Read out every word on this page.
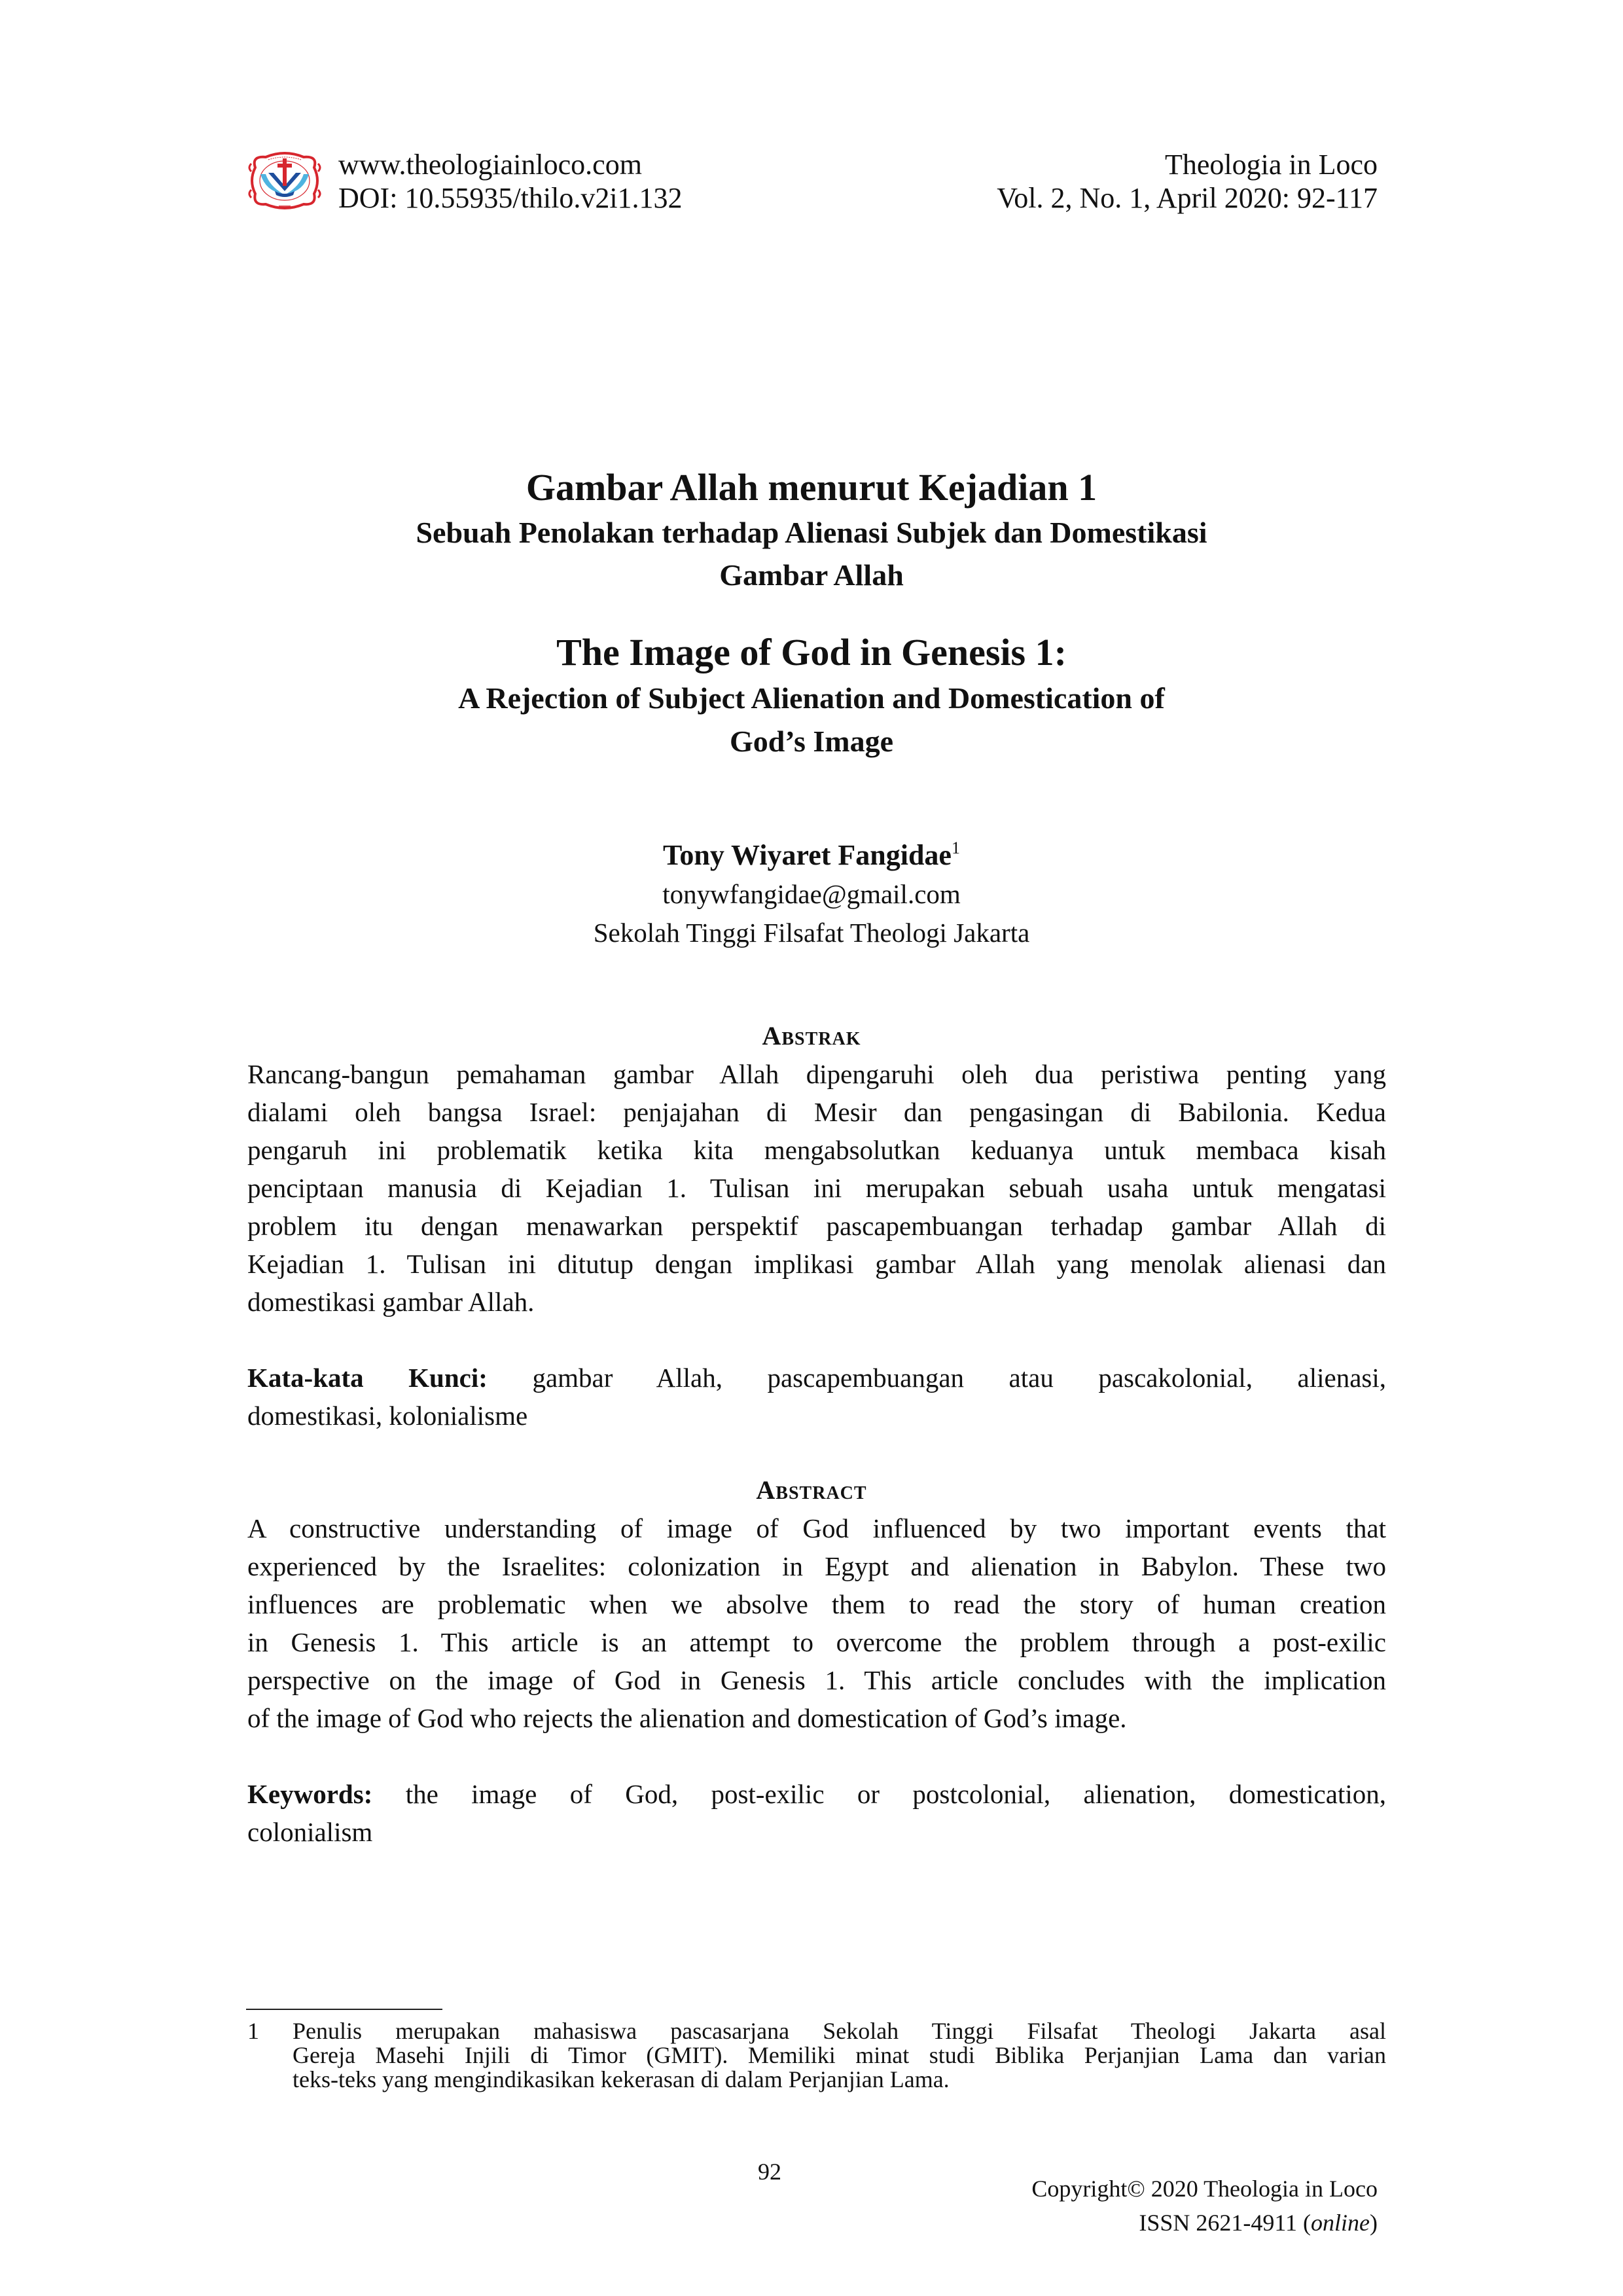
www.theologiainloco.com
DOI: 10.55935/thilo.v2i1.132
Theologia in Loco
Vol. 2, No. 1, April 2020: 92-117
Gambar Allah menurut Kejadian 1
Sebuah Penolakan terhadap Alienasi Subjek dan Domestikasi
Gambar Allah
The Image of God in Genesis 1:
A Rejection of Subject Alienation and Domestication of
God’s Image
Tony Wiyaret Fangidae$^1$
tonywfangidae@gmail.com
Sekolah Tinggi Filsafat Theologi Jakarta
Abstrak
Rancang-bangun pemahaman gambar Allah dipengaruhi oleh dua peristiwa penting yang
dialami oleh bangsa Israel: penjajahan di Mesir dan pengasingan di Babilonia. Kedua
pengaruh ini problematik ketika kita mengabsolutkan keduanya untuk membaca kisah
penciptaan manusia di Kejadian 1. Tulisan ini merupakan sebuah usaha untuk mengatasi
problem itu dengan menawarkan perspektif pascapembuangan terhadap gambar Allah di
Kejadian 1. Tulisan ini ditutup dengan implikasi gambar Allah yang menolak alienasi dan
domestikasi gambar Allah.
Kata-kata Kunci: gambar Allah, pascapembuangan atau pascakolonial, alienasi,
domestikasi, kolonialisme
Abstract
A constructive understanding of image of God influenced by two important events that
experienced by the Israelites: colonization in Egypt and alienation in Babylon. These two
influences are problematic when we absolve them to read the story of human creation
in Genesis 1. This article is an attempt to overcome the problem through a post-exilic
perspective on the image of God in Genesis 1. This article concludes with the implication
of the image of God who rejects the alienation and domestication of God’s image.
Keywords: the image of God, post-exilic or postcolonial, alienation, domestication,
colonialism
1 Penulis merupakan mahasiswa pascasarjana Sekolah Tinggi Filsafat Theologi Jakarta asal
Gereja Masehi Injili di Timor (GMIT). Memiliki minat studi Biblika Perjanjian Lama dan varian
teks-teks yang mengindikasikan kekerasan di dalam Perjanjian Lama.
92
Copyright© 2020 Theologia in Loco
ISSN 2621-4911 (online)
